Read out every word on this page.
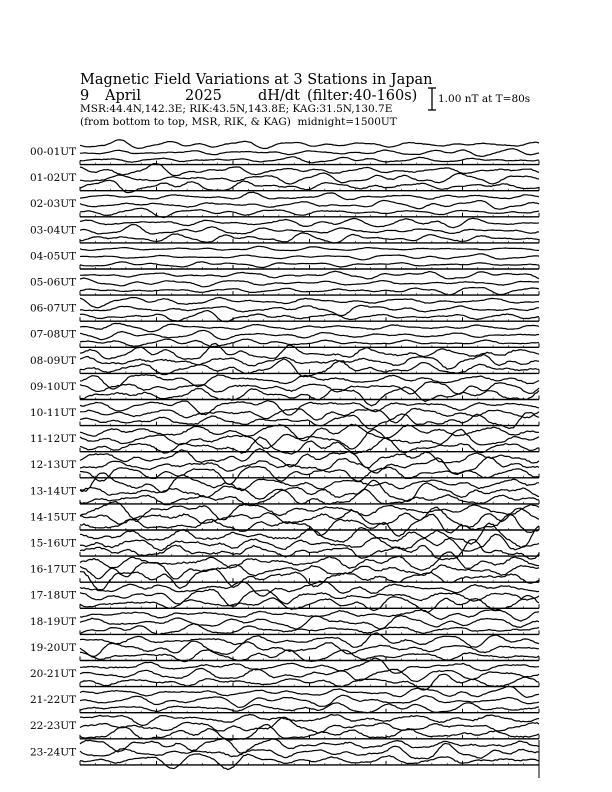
Magnetic Field Variations at 3 Stations in Japan
9 April	2025 dH/dt (filter:40-160s)
MSR:44.4N,142.3E; RIK:43.5N,143.8E; KAG:31.5N,130.7E
(from bottom to top, MSR, RIK, & KAG) midnight=1500UT
1.00 nT at T=80s
00-01UT
01-02UT
02-03UT
03-04UT
04-05UT
05-06UT
06-07UT
07-08UT
08-09UT
09-10UT
10-11UT
11-12UT
12-13UT
13-14UT
14-15UT
15-16UT
16-17UT
17-18UT
18-19UT
19-20UT
20-21UT
21-22UT
22-23UT
23-24UT
